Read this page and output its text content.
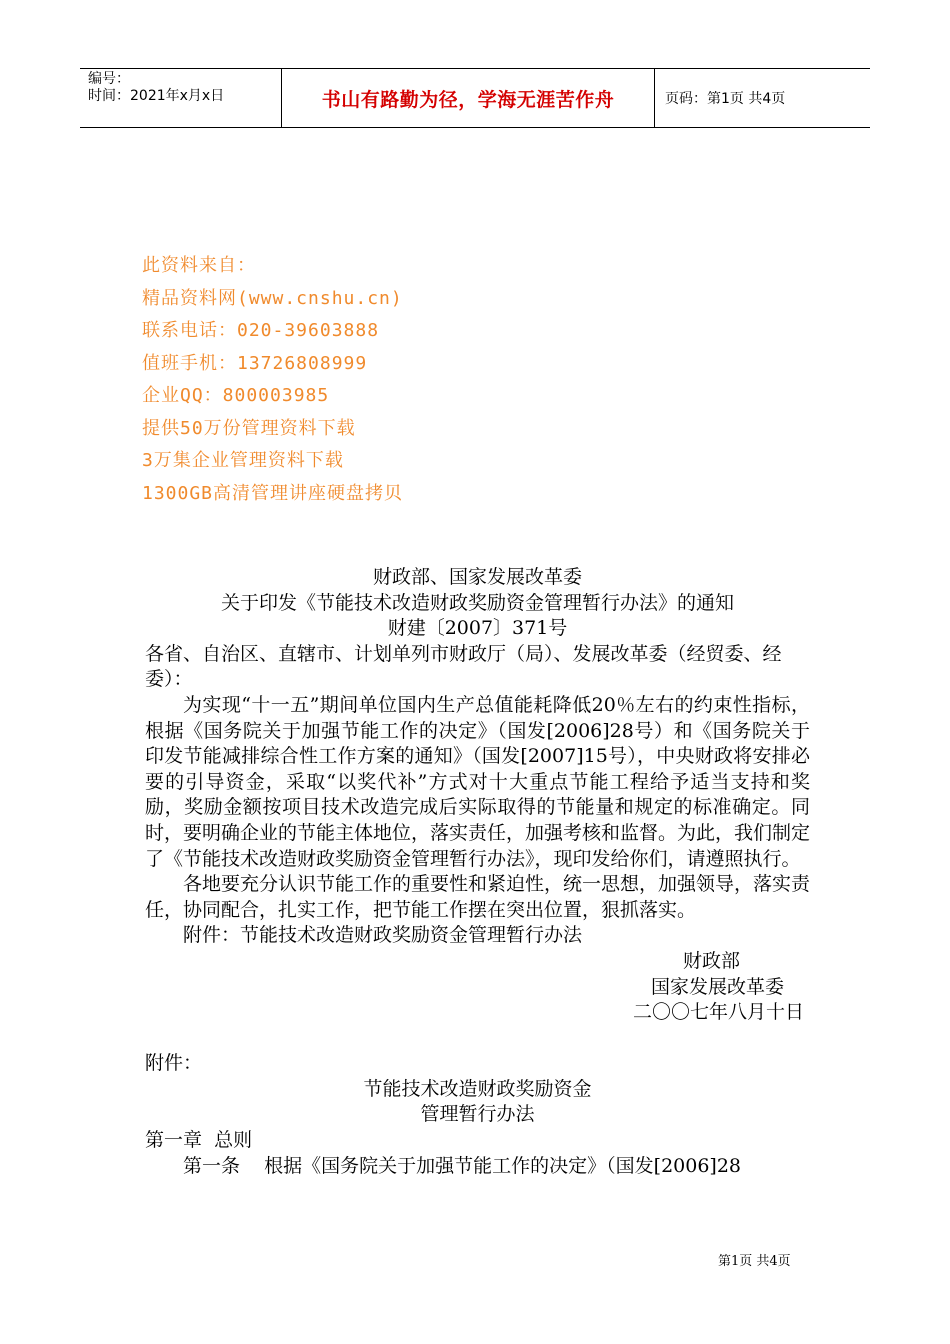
编号：
时间：2021年x月x日	书山有路勤为径，学海无涯苦作舟	页码：第1页 共4页
此资料来自：
精品资料网(www.cnshu.cn)
联系电话：020-39603888
值班手机：13726808999
企业QQ：800003985
提供50万份管理资料下载
3万集企业管理资料下载
1300GB高清管理讲座硬盘拷贝

财政部、国家发展改革委

关于印发《节能技术改造财政奖励资金管理暂行办法》的通知

财建〔2007〕371号

各省、自治区、直辖市、计划单列市财政厅（局）、发展改革委（经贸委、经委）：

为实现“十一五”期间单位国内生产总值能耗降低20％左右的约束性指标，根据《国务院关于加强节能工作的决定》（国发[2006]28号）和《国务院关于印发节能减排综合性工作方案的通知》（国发[2007]15号），中央财政将安排必要的引导资金，采取“以奖代补”方式对十大重点节能工程给予适当支持和奖励，奖励金额按项目技术改造完成后实际取得的节能量和规定的标准确定。同时，要明确企业的节能主体地位，落实责任，加强考核和监督。为此，我们制定了《节能技术改造财政奖励资金管理暂行办法》，现印发给你们，请遵照执行。

各地要充分认识节能工作的重要性和紧迫性，统一思想，加强领导，落实责任，协同配合，扎实工作，把节能工作摆在突出位置，狠抓落实。

附件：节能技术改造财政奖励资金管理暂行办法

财政部

国家发展改革委

二〇〇七年八月十日

附件：

节能技术改造财政奖励资金

管理暂行办法

第一章  总则

第一条    根据《国务院关于加强节能工作的决定》（国发[2006]28

第1页 共4页
